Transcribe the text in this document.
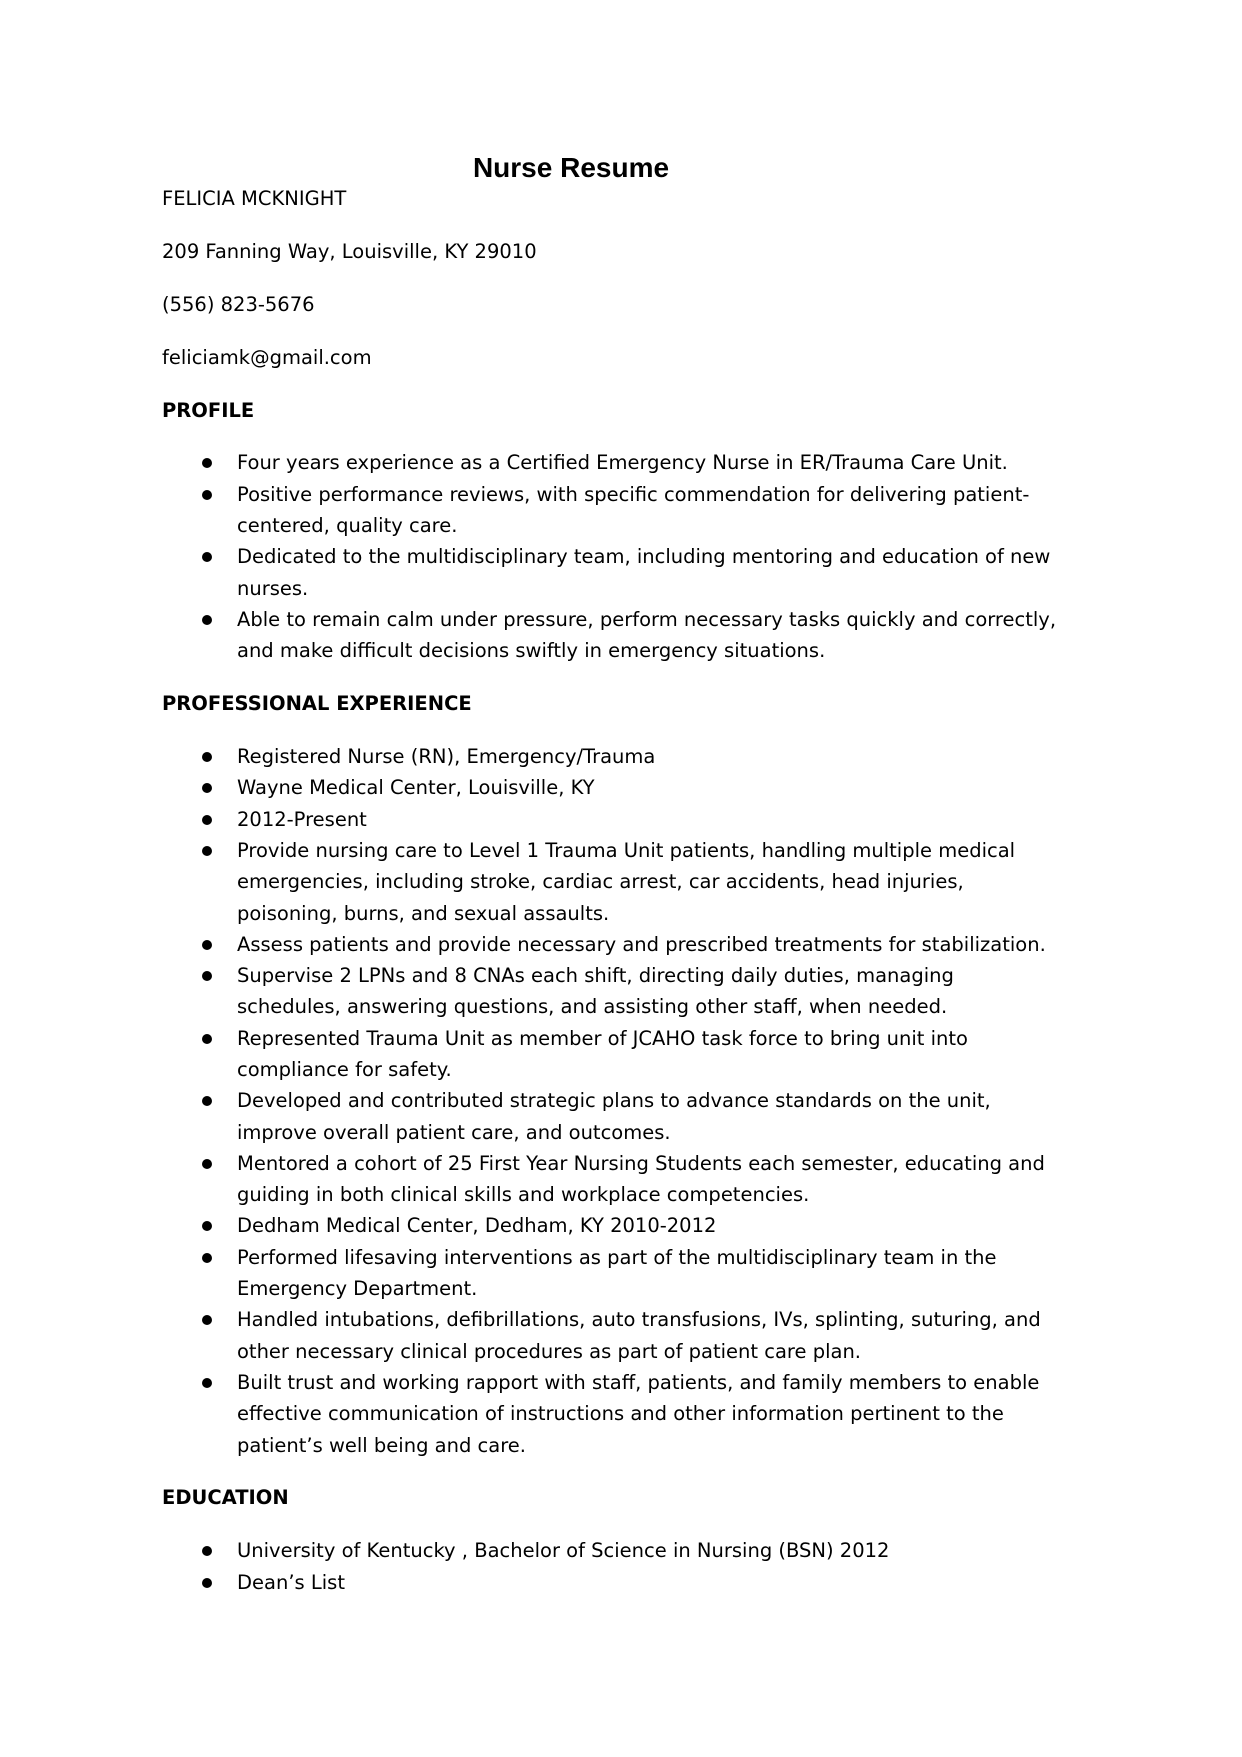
Nurse Resume

FELICIA MCKNIGHT

209 Fanning Way, Louisville, KY 29010

(556) 823-5676

feliciamk@gmail.com

PROFILE

Four years experience as a Certified Emergency Nurse in ER/Trauma Care Unit.
Positive performance reviews, with specific commendation for delivering patient-centered, quality care.
Dedicated to the multidisciplinary team, including mentoring and education of new nurses.
Able to remain calm under pressure, perform necessary tasks quickly and correctly, and make difficult decisions swiftly in emergency situations.

PROFESSIONAL EXPERIENCE

Registered Nurse (RN), Emergency/Trauma
Wayne Medical Center, Louisville, KY
2012-Present
Provide nursing care to Level 1 Trauma Unit patients, handling multiple medical emergencies, including stroke, cardiac arrest, car accidents, head injuries, poisoning, burns, and sexual assaults.
Assess patients and provide necessary and prescribed treatments for stabilization.
Supervise 2 LPNs and 8 CNAs each shift, directing daily duties, managing schedules, answering questions, and assisting other staff, when needed.
Represented Trauma Unit as member of JCAHO task force to bring unit into compliance for safety.
Developed and contributed strategic plans to advance standards on the unit, improve overall patient care, and outcomes.
Mentored a cohort of 25 First Year Nursing Students each semester, educating and guiding in both clinical skills and workplace competencies.
Dedham Medical Center, Dedham, KY 2010-2012
Performed lifesaving interventions as part of the multidisciplinary team in the Emergency Department.
Handled intubations, defibrillations, auto transfusions, IVs, splinting, suturing, and other necessary clinical procedures as part of patient care plan.
Built trust and working rapport with staff, patients, and family members to enable effective communication of instructions and other information pertinent to the patient’s well being and care.

EDUCATION

University of Kentucky , Bachelor of Science in Nursing (BSN) 2012
Dean’s List
